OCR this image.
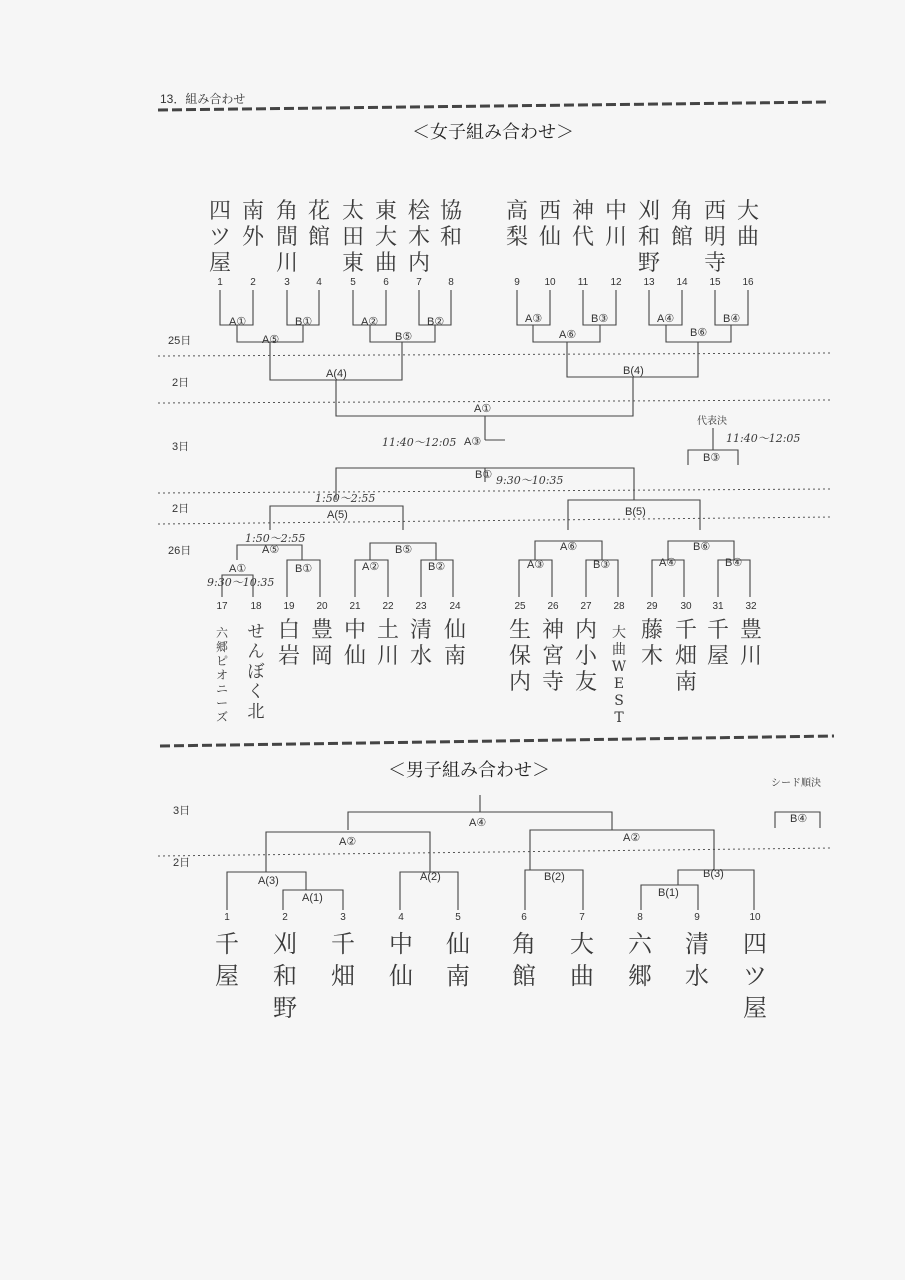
13．組み合わせ
＜女子組み合わせ＞
四ツ屋
南外
角間川
花館
太田東
東大曲
桧木内
協和
高梨
西仙
神代
中川
刈和野
角館
西明寺
大曲
1	2	3	4	5	6	7	8	9 10 11 12 13 14 15 16
A①	B①	A②	B②	A③	B③	A④	B④
A⑤	B⑤	A⑥	B⑥
A(4)	B(4)
A①
A③
B①
代表決
B③
25日
2日
3日
2日
26日
11:40〜12:05	11:40〜12:05
9:30〜10:35
1:50〜2:55
1:50〜2:55
9:30〜10:35
A(5)	B(5)
A⑤	B⑤	A⑥	B⑥
A①	B①	A②	B②	A③	B③	A④	B④
17 18 19 20 21 22 23 24	25 26 27 28 29 30 31 32
六郷ピオニーズ
せんぼく北
白岩
豊岡
中仙
土川
清水
仙南
生保内
神宮寺
内小友
大曲 W E S T
藤木
千畑南
千屋
豊川
＜男子組み合わせ＞
3日
2日
シード順決
B④
A④
A②	A②
A(3)
A(1)
A(2)	B(2)	B(3)
B(1)
1	2	3	4	5	6	7	8	9	10
千屋
刈和野
千畑
中仙
仙南
角館
大曲
六郷
清水
四ツ屋
